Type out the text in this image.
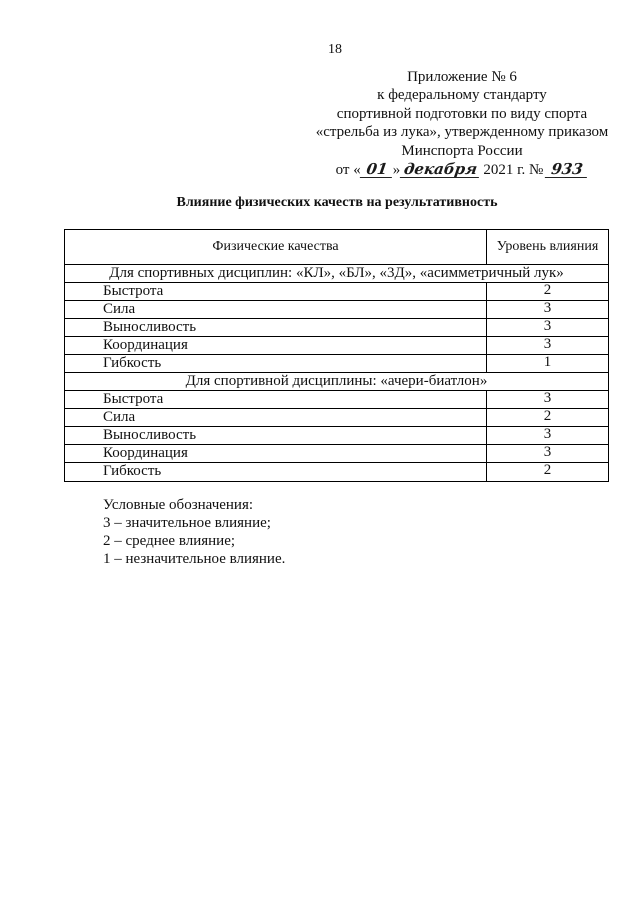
18
Приложение № 6
к федеральному стандарту
спортивной подготовки по виду спорта
«стрельба из лука», утвержденному приказом
Минспорта России
от « 01 » декабря 2021 г. № 933
Влияние физических качеств на результативность
Физические качества	Уровень влияния
Для спортивных дисциплин: «КЛ», «БЛ», «3Д», «асимметричный лук»
Быстрота	2
Сила	3
Выносливость	3
Координация	3
Гибкость	1
Для спортивной дисциплины: «ачери-биатлон»
Быстрота	3
Сила	2
Выносливость	3
Координация	3
Гибкость	2
Условные обозначения:
3 – значительное влияние;
2 – среднее влияние;
1 – незначительное влияние.
